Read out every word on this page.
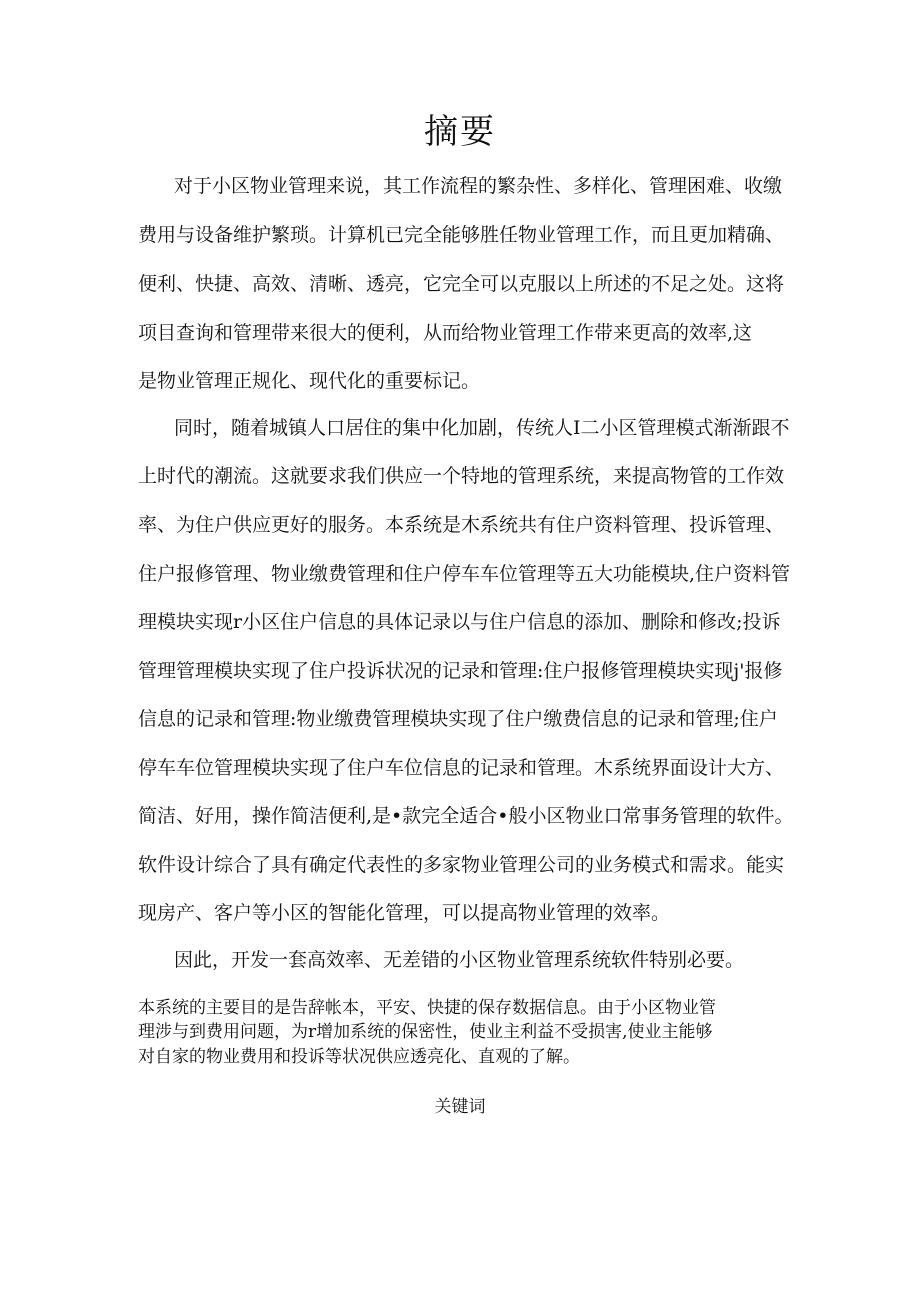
摘要
对于小区物业管理来说，其工作流程的繁杂性、多样化、管理困难、收缴
费用与设备维护繁琐。计算机已完全能够胜任物业管理工作，而且更加精确、
便利、快捷、高效、清晰、透亮，它完全可以克服以上所述的不足之处。这将
项目查询和管理带来很大的便利，从而给物业管理工作带来更高的效率,这
是物业管理正规化、现代化的重要标记。
同时，随着城镇人口居住的集中化加剧，传统人I二小区管理模式渐渐跟不
上时代的潮流。这就要求我们供应一个特地的管理系统，来提高物管的工作效
率、为住户供应更好的服务。本系统是木系统共有住户资料管理、投诉管理、
住户报修管理、物业缴费管理和住户停车车位管理等五大功能模块,住户资料管
理模块实现r小区住户信息的具体记录以与住户信息的添加、删除和修改;投诉
管理管理模块实现了住户投诉状况的记录和管理:住户报修管理模块实现j'报修
信息的记录和管理:物业缴费管理模块实现了住户缴费信息的记录和管理;住户
停车车位管理模块实现了住户车位信息的记录和管理。木系统界面设计大方、
简洁、好用，操作简洁便利,是•款完全适合•般小区物业口常事务管理的软件。
软件设计综合了具有确定代表性的多家物业管理公司的业务模式和需求。能实
现房产、客户等小区的智能化管理，可以提高物业管理的效率。
因此，开发一套高效率、无差错的小区物业管理系统软件特别必要。
本系统的主要目的是告辞帐本，平安、快捷的保存数据信息。由于小区物业管
理涉与到费用问题，为r增加系统的保密性，使业主利益不受损害,使业主能够
对自家的物业费用和投诉等状况供应透亮化、直观的了解。
关键词
